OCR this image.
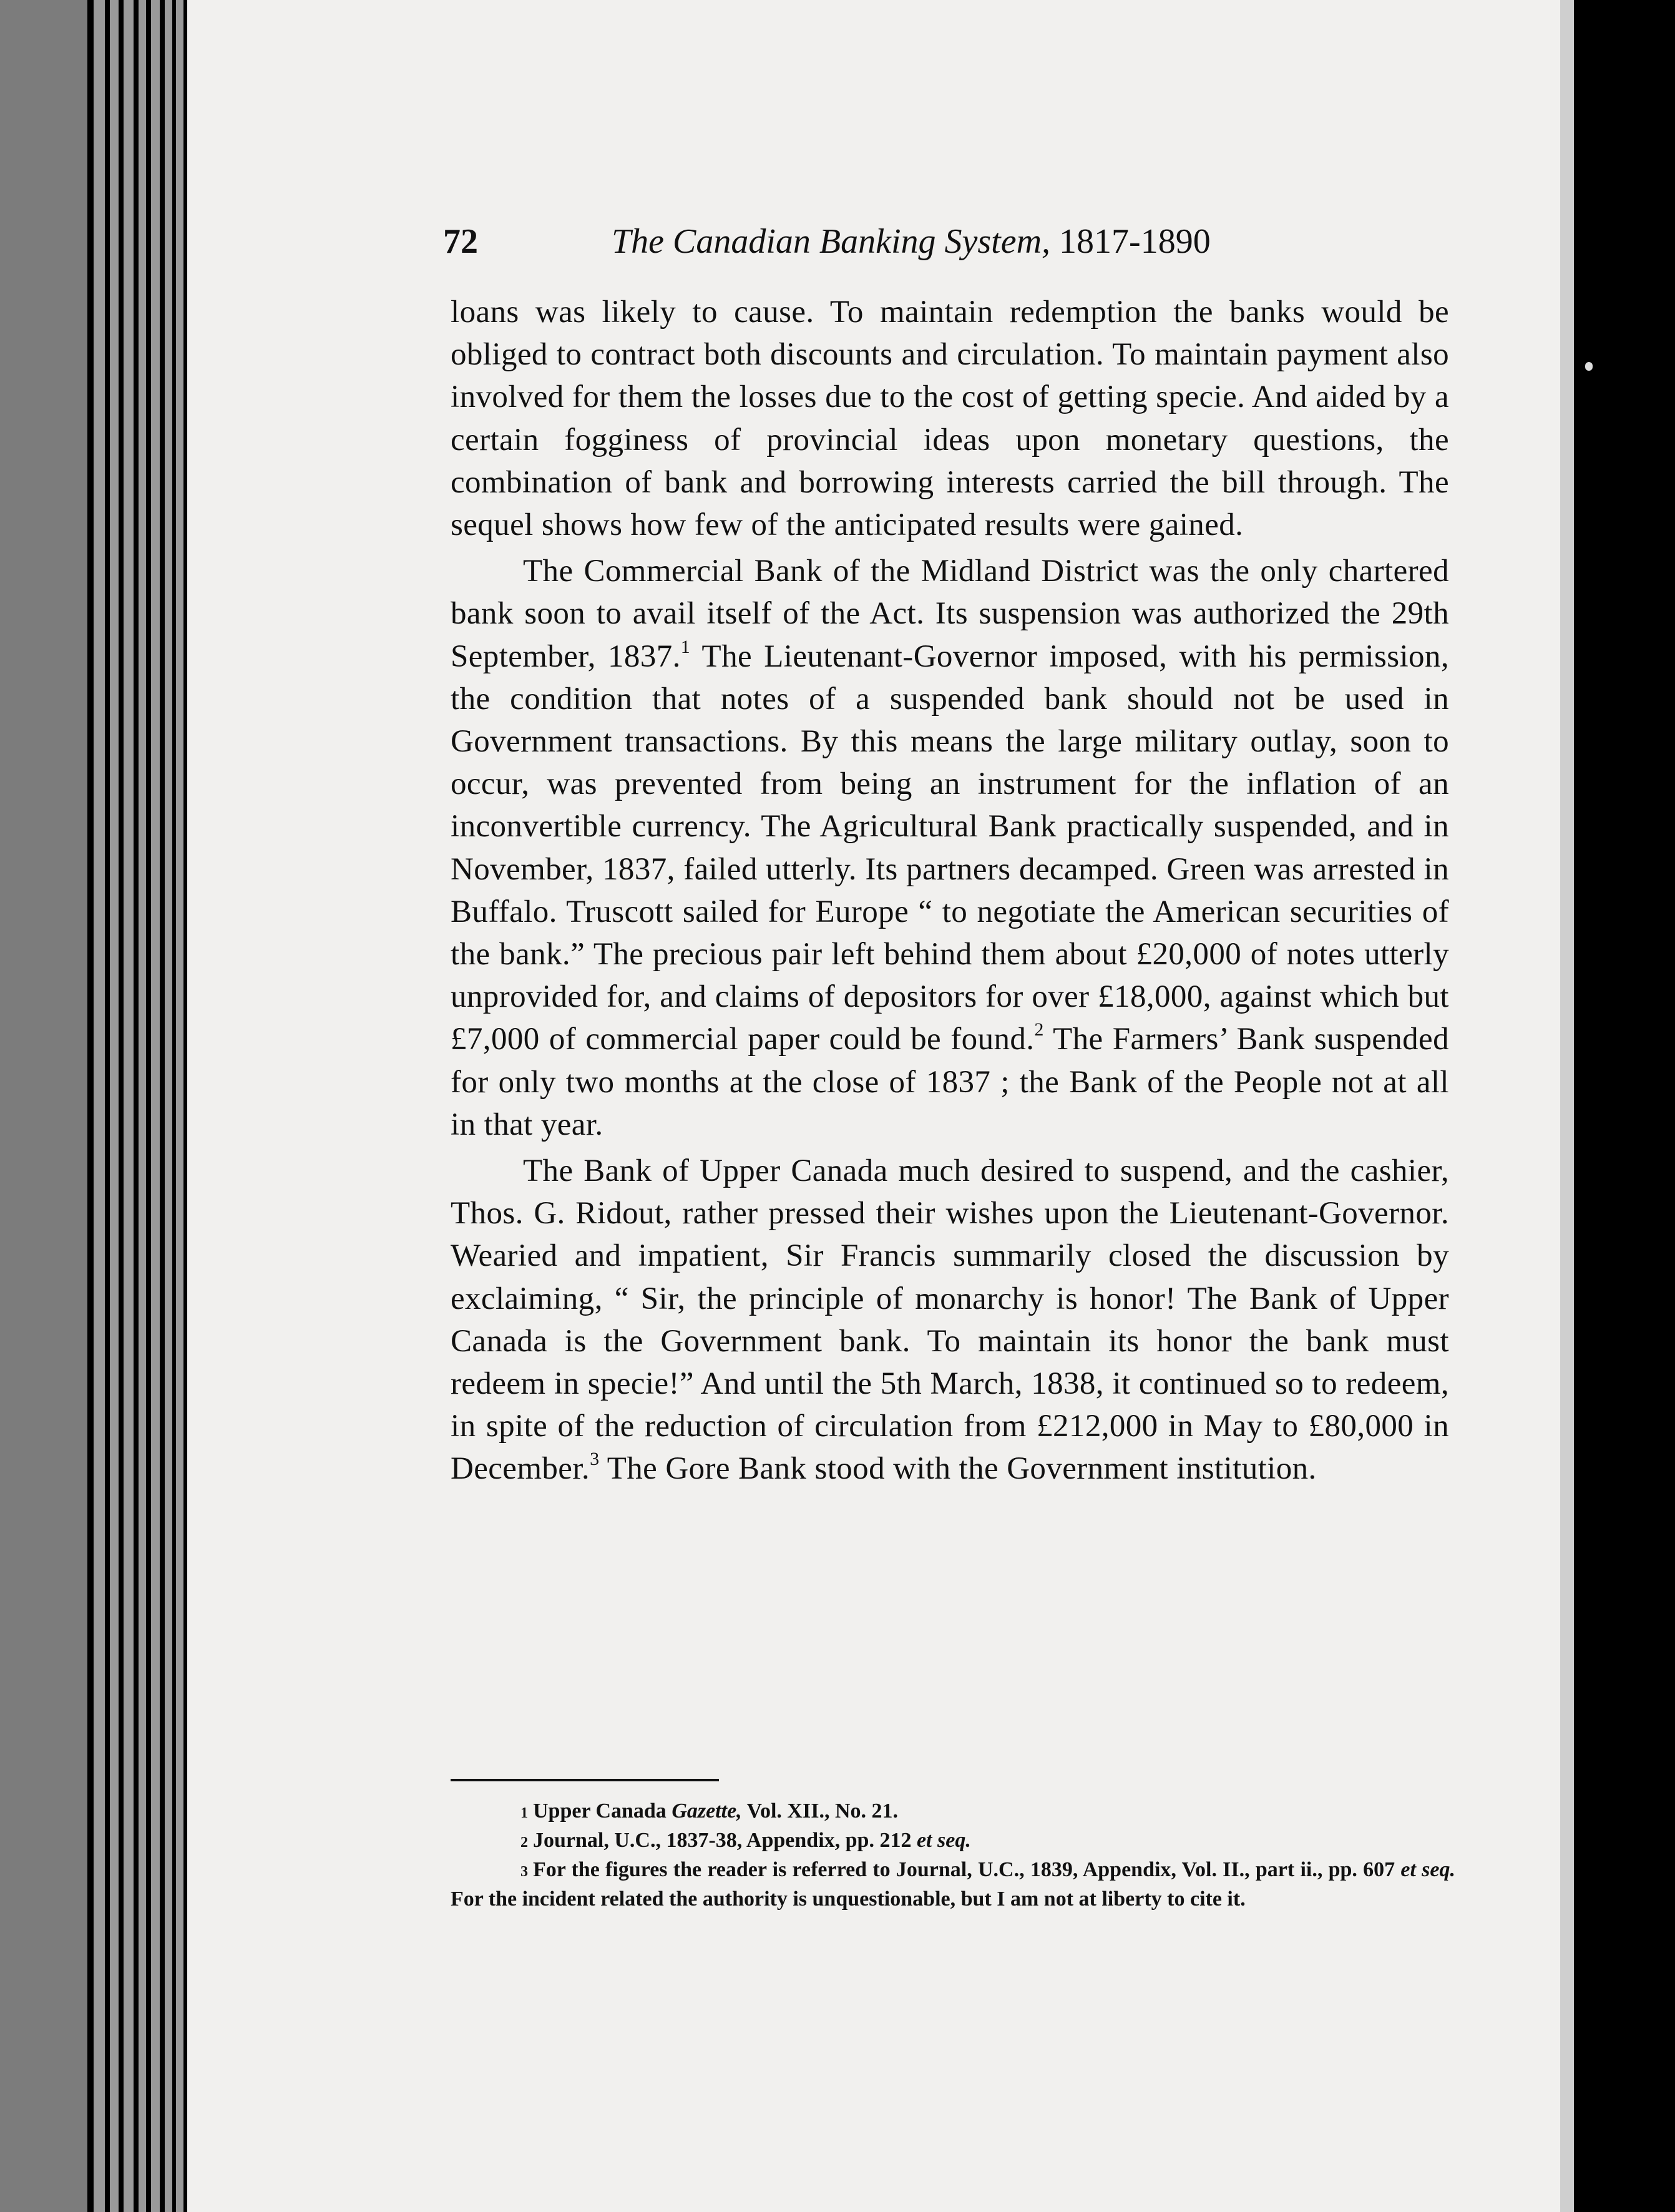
72	The Canadian Banking System, 1817-1890

loans was likely to cause. To maintain redemption the banks would be obliged to contract both discounts and circulation. To maintain payment also involved for them the losses due to the cost of getting specie. And aided by a certain fogginess of provincial ideas upon monetary questions, the combination of bank and borrowing interests carried the bill through. The sequel shows how few of the anticipated results were gained.

The Commercial Bank of the Midland District was the only chartered bank soon to avail itself of the Act. Its suspension was authorized the 29th September, 1837.$^1$ The Lieutenant-Governor imposed, with his permission, the condition that notes of a suspended bank should not be used in Government transactions. By this means the large military outlay, soon to occur, was prevented from being an instrument for the inflation of an inconvertible currency. The Agricultural Bank practically suspended, and in November, 1837, failed utterly. Its partners decamped. Green was arrested in Buffalo. Truscott sailed for Europe “ to negotiate the American securities of the bank.” The precious pair left behind them about £20,000 of notes utterly unprovided for, and claims of depositors for over £18,000, against which but £7,000 of commercial paper could be found.$^2$ The Farmers’ Bank suspended for only two months at the close of 1837 ; the Bank of the People not at all in that year.

The Bank of Upper Canada much desired to suspend, and the cashier, Thos. G. Ridout, rather pressed their wishes upon the Lieutenant-Governor. Wearied and impatient, Sir Francis summarily closed the discussion by exclaiming, “ Sir, the principle of monarchy is honor! The Bank of Upper Canada is the Government bank. To maintain its honor the bank must redeem in specie!” And until the 5th March, 1838, it continued so to redeem, in spite of the reduction of circulation from £212,000 in May to £80,000 in December.$^3$ The Gore Bank stood with the Government institution.

1 Upper Canada Gazette, Vol. XII., No. 21.

2 Journal, U.C., 1837-38, Appendix, pp. 212 et seq.

3 For the figures the reader is referred to Journal, U.C., 1839, Appendix, Vol. II., part ii., pp. 607 et seq. For the incident related the authority is unquestionable, but I am not at liberty to cite it.
